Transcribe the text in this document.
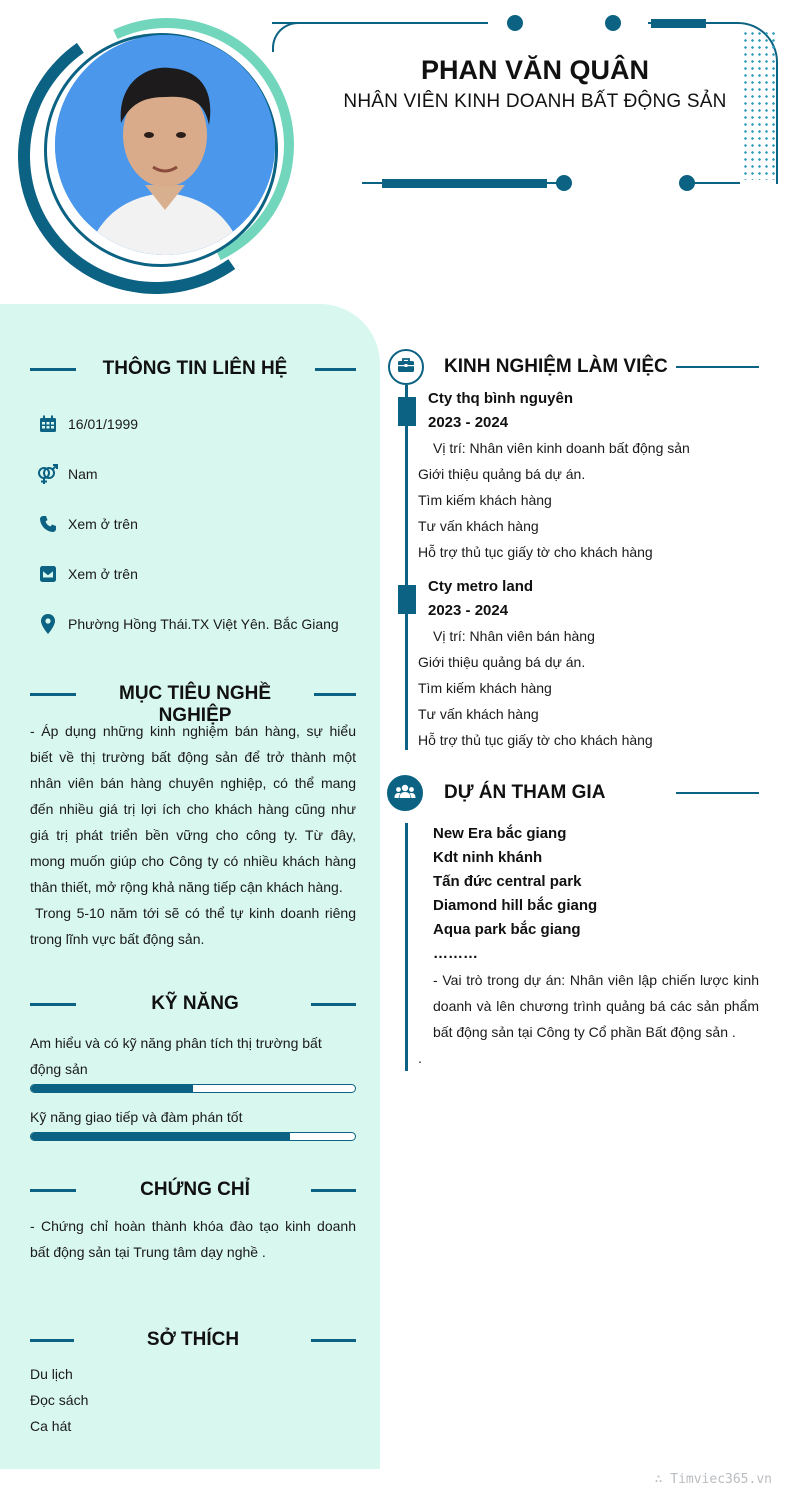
PHAN VĂN QUÂN
NHÂN VIÊN KINH DOANH BẤT ĐỘNG SẢN
THÔNG TIN LIÊN HỆ
16/01/1999
Nam
Xem ở trên
Xem ở trên
Phường Hồng Thái.TX Việt Yên. Bắc Giang
MỤC TIÊU NGHỀ NGHIỆP
- Áp dụng những kinh nghiệm bán hàng, sự hiểu biết về thị trường bất động sản để trở thành một nhân viên bán hàng chuyên nghiệp, có thể mang đến nhiều giá trị lợi ích cho khách hàng cũng như giá trị phát triển bền vững cho công ty. Từ đây, mong muốn giúp cho Công ty có nhiều khách hàng thân thiết, mở rộng khả năng tiếp cận khách hàng.
Trong 5-10 năm tới sẽ có thể tự kinh doanh riêng trong lĩnh vực bất động sản.
KỸ NĂNG
Am hiểu và có kỹ năng phân tích thị trường bất động sản
Kỹ năng giao tiếp và đàm phán tốt
CHỨNG CHỈ
- Chứng chỉ hoàn thành khóa đào tạo kinh doanh bất động sản tại Trung tâm dạy nghề .
SỞ THÍCH
Du lịch
Đọc sách
Ca hát
KINH NGHIỆM LÀM VIỆC
Cty thq bình nguyên
2023 - 2024
Vị trí: Nhân viên kinh doanh bất động sản
Giới thiệu quảng bá dự án.
Tìm kiếm khách hàng
Tư vấn khách hàng
Hỗ trợ thủ tục giấy tờ cho khách hàng
Cty metro land
2023 - 2024
Vị trí: Nhân viên bán hàng
Giới thiệu quảng bá dự án.
Tìm kiếm khách hàng
Tư vấn khách hàng
Hỗ trợ thủ tục giấy tờ cho khách hàng
DỰ ÁN THAM GIA
New Era bắc giang
Kdt ninh khánh
Tấn đức central park
Diamond hill bắc giang
Aqua park bắc giang
………
- Vai trò trong dự án: Nhân viên lập chiến lược kinh doanh và lên chương trình quảng bá các sản phẩm bất động sản tại Công ty Cổ phần Bất động sản .
.
∴ Timviec365.vn
